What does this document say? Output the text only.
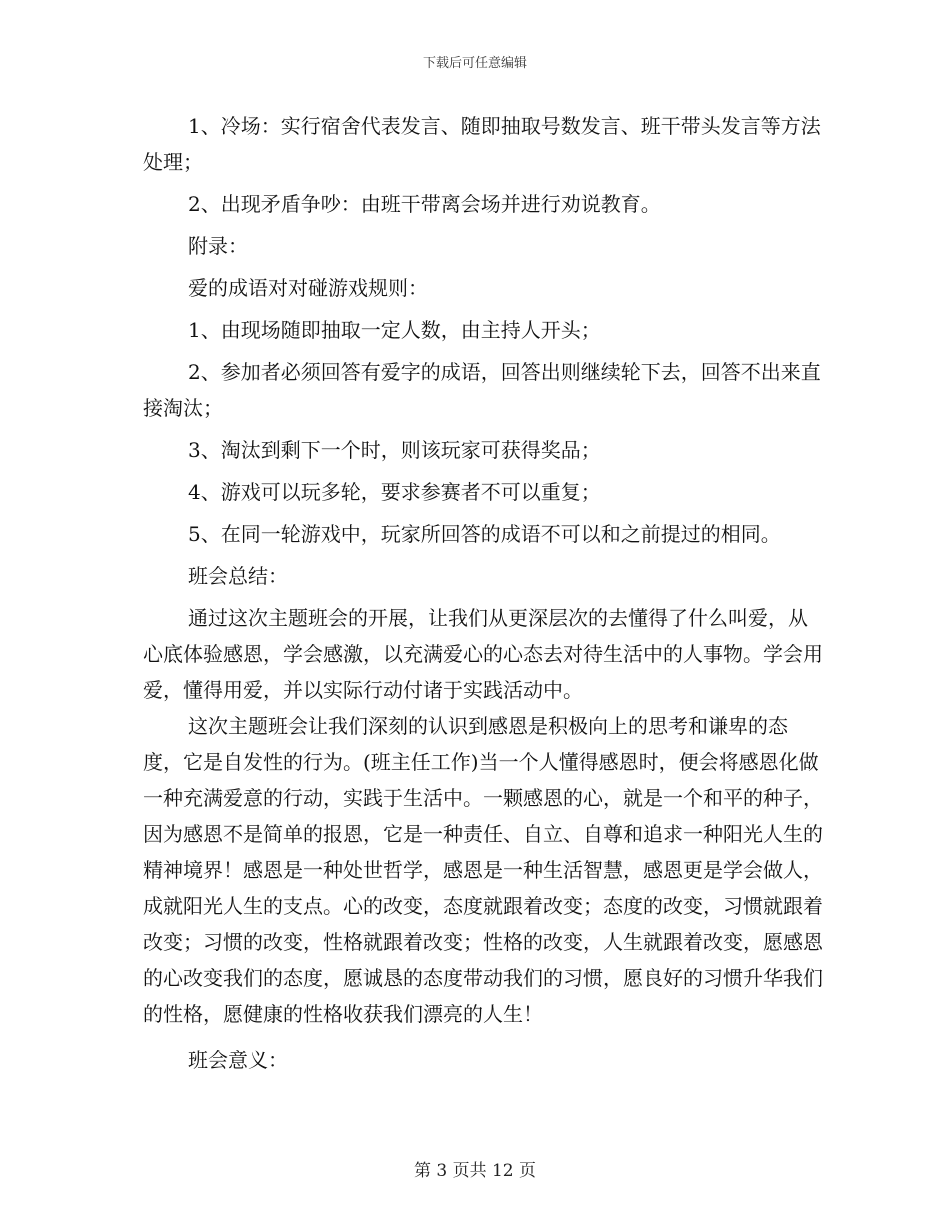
下载后可任意编辑

1、冷场：实行宿舍代表发言、随即抽取号数发言、班干带头发言等方法处理；

2、出现矛盾争吵：由班干带离会场并进行劝说教育。

附录：

爱的成语对对碰游戏规则：

1、由现场随即抽取一定人数，由主持人开头；

2、参加者必须回答有爱字的成语，回答出则继续轮下去，回答不出来直接淘汰；

3、淘汰到剩下一个时，则该玩家可获得奖品；

4、游戏可以玩多轮，要求参赛者不可以重复；

5、在同一轮游戏中，玩家所回答的成语不可以和之前提过的相同。

班会总结：

通过这次主题班会的开展，让我们从更深层次的去懂得了什么叫爱，从心底体验感恩，学会感激，以充满爱心的心态去对待生活中的人事物。学会用爱，懂得用爱，并以实际行动付诸于实践活动中。

这次主题班会让我们深刻的认识到感恩是积极向上的思考和谦卑的态度，它是自发性的行为。(班主任工作)当一个人懂得感恩时，便会将感恩化做一种充满爱意的行动，实践于生活中。一颗感恩的心，就是一个和平的种子，因为感恩不是简单的报恩，它是一种责任、自立、自尊和追求一种阳光人生的精神境界！感恩是一种处世哲学，感恩是一种生活智慧，感恩更是学会做人，成就阳光人生的支点。心的改变，态度就跟着改变；态度的改变，习惯就跟着改变；习惯的改变，性格就跟着改变；性格的改变，人生就跟着改变，愿感恩的心改变我们的态度，愿诚恳的态度带动我们的习惯，愿良好的习惯升华我们的性格，愿健康的性格收获我们漂亮的人生！

班会意义：

第 3 页共 12 页
